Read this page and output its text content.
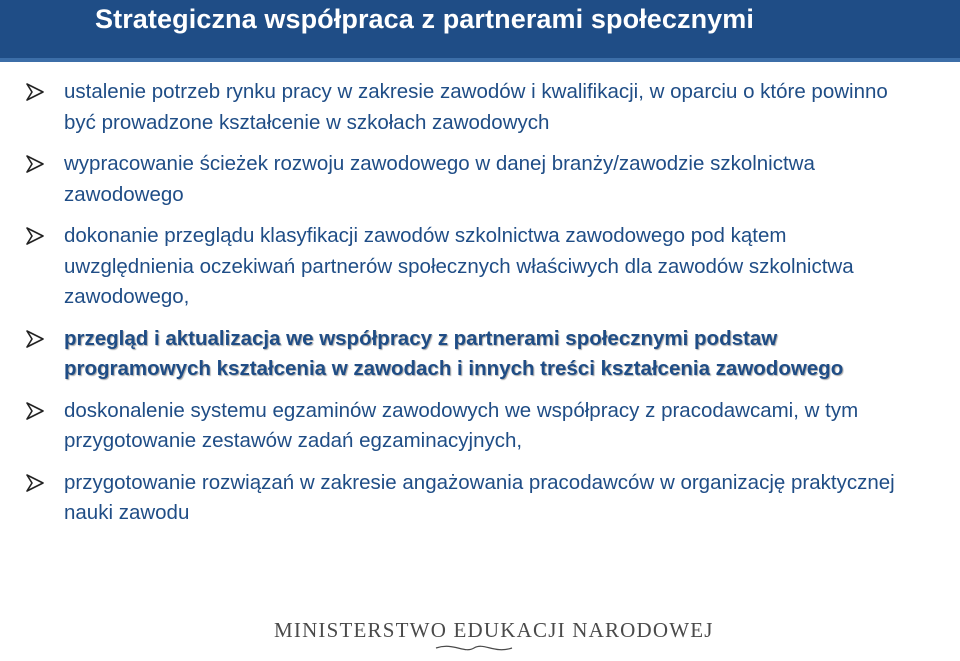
Strategiczna współpraca z partnerami społecznymi
ustalenie potrzeb rynku pracy w zakresie zawodów i kwalifikacji, w oparciu o które powinno być prowadzone kształcenie w szkołach zawodowych
wypracowanie ścieżek rozwoju zawodowego w danej branży/zawodzie szkolnictwa zawodowego
dokonanie przeglądu klasyfikacji zawodów szkolnictwa zawodowego pod kątem uwzględnienia oczekiwań partnerów społecznych właściwych dla zawodów szkolnictwa zawodowego,
przegląd i aktualizacja we współpracy z partnerami społecznymi podstaw programowych kształcenia w zawodach i innych treści kształcenia zawodowego
doskonalenie systemu egzaminów zawodowych we współpracy z pracodawcami, w tym przygotowanie zestawów zadań egzaminacyjnych,
przygotowanie rozwiązań w zakresie angażowania pracodawców w organizację praktycznej nauki zawodu
MINISTERSTWO EDUKACJI NARODOWEJ
